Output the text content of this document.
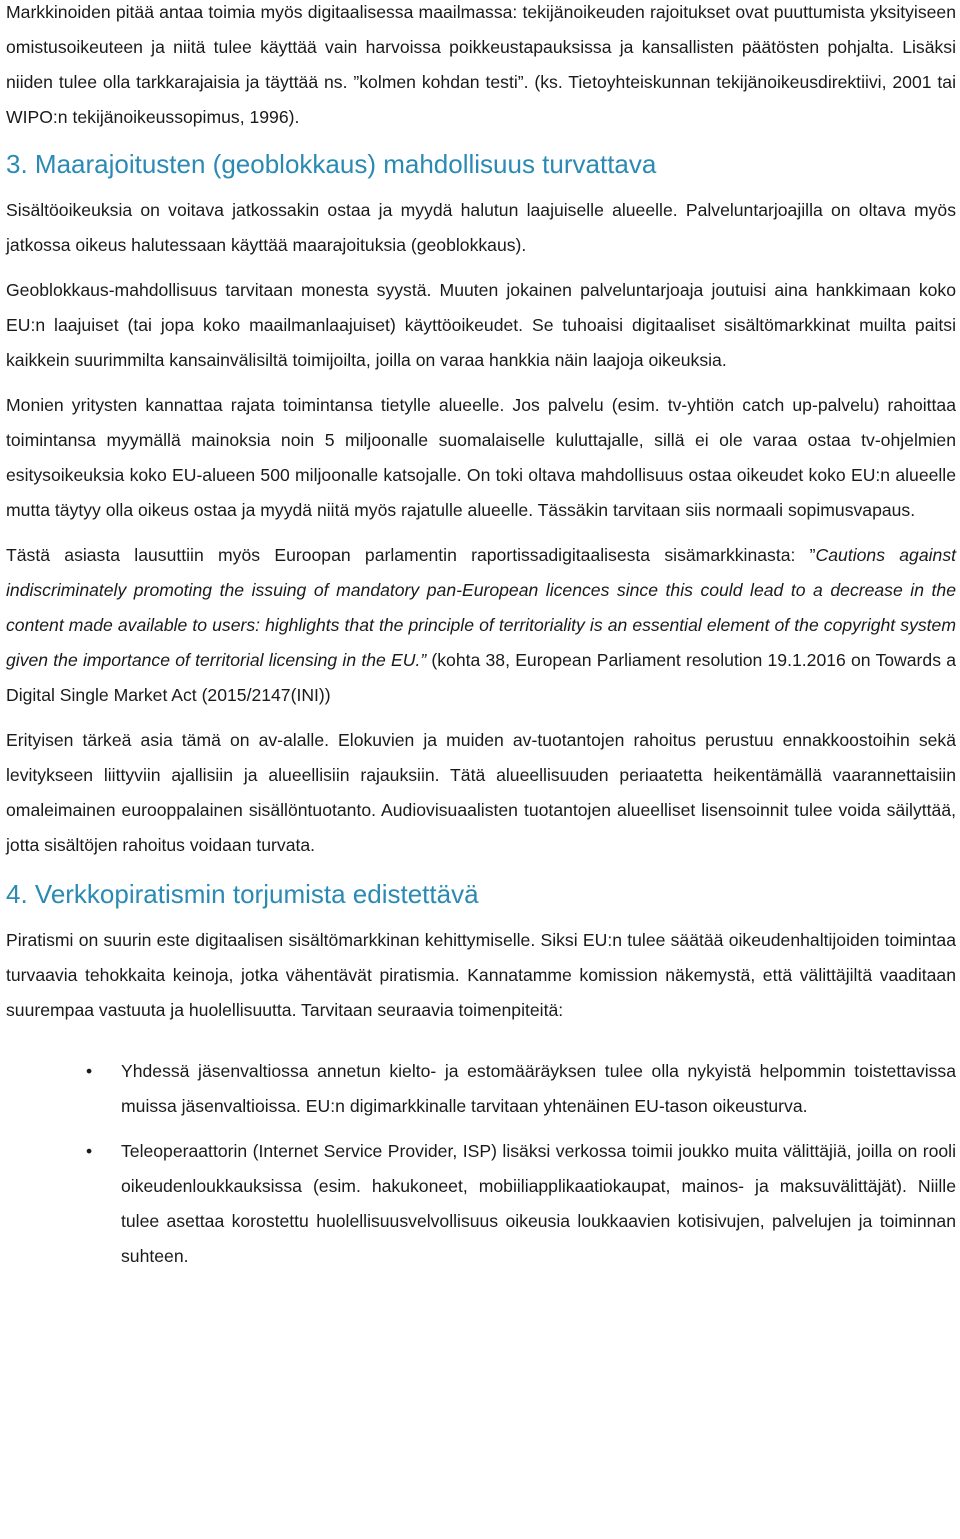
Markkinoiden pitää antaa toimia myös digitaalisessa maailmassa: tekijänoikeuden rajoitukset ovat puuttumista yksityiseen omistusoikeuteen ja niitä tulee käyttää vain harvoissa poikkeustapauksissa ja kansallisten päätösten pohjalta. Lisäksi niiden tulee olla tarkkarajaisia ja täyttää ns. ”kolmen kohdan testi”. (ks. Tietoyhteiskunnan tekijänoikeusdirektiivi, 2001 tai WIPO:n tekijänoikeussopimus, 1996).

3. Maarajoitusten (geoblokkaus) mahdollisuus turvattava

Sisältöoikeuksia on voitava jatkossakin ostaa ja myydä halutun laajuiselle alueelle. Palveluntarjoajilla on oltava myös jatkossa oikeus halutessaan käyttää maarajoituksia (geoblokkaus).

Geoblokkaus-mahdollisuus tarvitaan monesta syystä. Muuten jokainen palveluntarjoaja joutuisi aina hankkimaan koko EU:n laajuiset (tai jopa koko maailmanlaajuiset) käyttöoikeudet. Se tuhoaisi digitaaliset sisältömarkkinat muilta paitsi kaikkein suurimmilta kansainvälisiltä toimijoilta, joilla on varaa hankkia näin laajoja oikeuksia.

Monien yritysten kannattaa rajata toimintansa tietylle alueelle. Jos palvelu (esim. tv-yhtiön catch up-palvelu) rahoittaa toimintansa myymällä mainoksia noin 5 miljoonalle suomalaiselle kuluttajalle, sillä ei ole varaa ostaa tv-ohjelmien esitysoikeuksia koko EU-alueen 500 miljoonalle katsojalle. On toki oltava mahdollisuus ostaa oikeudet koko EU:n alueelle mutta täytyy olla oikeus ostaa ja myydä niitä myös rajatulle alueelle. Tässäkin tarvitaan siis normaali sopimusvapaus.

Tästä asiasta lausuttiin myös Euroopan parlamentin raportissadigitaalisesta sisämarkkinasta: ”Cautions against indiscriminately promoting the issuing of mandatory pan-European licences since this could lead to a decrease in the content made available to users: highlights that the principle of territoriality is an essential element of the copyright system given the importance of territorial licensing in the EU.” (kohta 38, European Parliament resolution 19.1.2016 on Towards a Digital Single Market Act (2015/2147(INI))

Erityisen tärkeä asia tämä on av-alalle. Elokuvien ja muiden av-tuotantojen rahoitus perustuu ennakkoostoihin sekä levitykseen liittyviin ajallisiin ja alueellisiin rajauksiin. Tätä alueellisuuden periaatetta heikentämällä vaarannettaisiin omaleimainen eurooppalainen sisällöntuotanto. Audiovisuaalisten tuotantojen alueelliset lisensoinnit tulee voida säilyttää, jotta sisältöjen rahoitus voidaan turvata.

4. Verkkopiratismin torjumista edistettävä

Piratismi on suurin este digitaalisen sisältömarkkinan kehittymiselle. Siksi EU:n tulee säätää oikeudenhaltijoiden toimintaa turvaavia tehokkaita keinoja, jotka vähentävät piratismia. Kannatamme komission näkemystä, että välittäjiltä vaaditaan suurempaa vastuuta ja huolellisuutta. Tarvitaan seuraavia toimenpiteitä:

• Yhdessä jäsenvaltiossa annetun kielto- ja estomääräyksen tulee olla nykyistä helpommin toistettavissa muissa jäsenvaltioissa. EU:n digimarkkinalle tarvitaan yhtenäinen EU-tason oikeusturva.

• Teleoperaattorin (Internet Service Provider, ISP) lisäksi verkossa toimii joukko muita välittäjiä, joilla on rooli oikeudenloukkauksissa (esim. hakukoneet, mobiiliapplikaatiokaupat, mainos- ja maksuvälittäjät). Niille tulee asettaa korostettu huolellisuusvelvollisuus oikeusia loukkaavien kotisivujen, palvelujen ja toiminnan suhteen.
